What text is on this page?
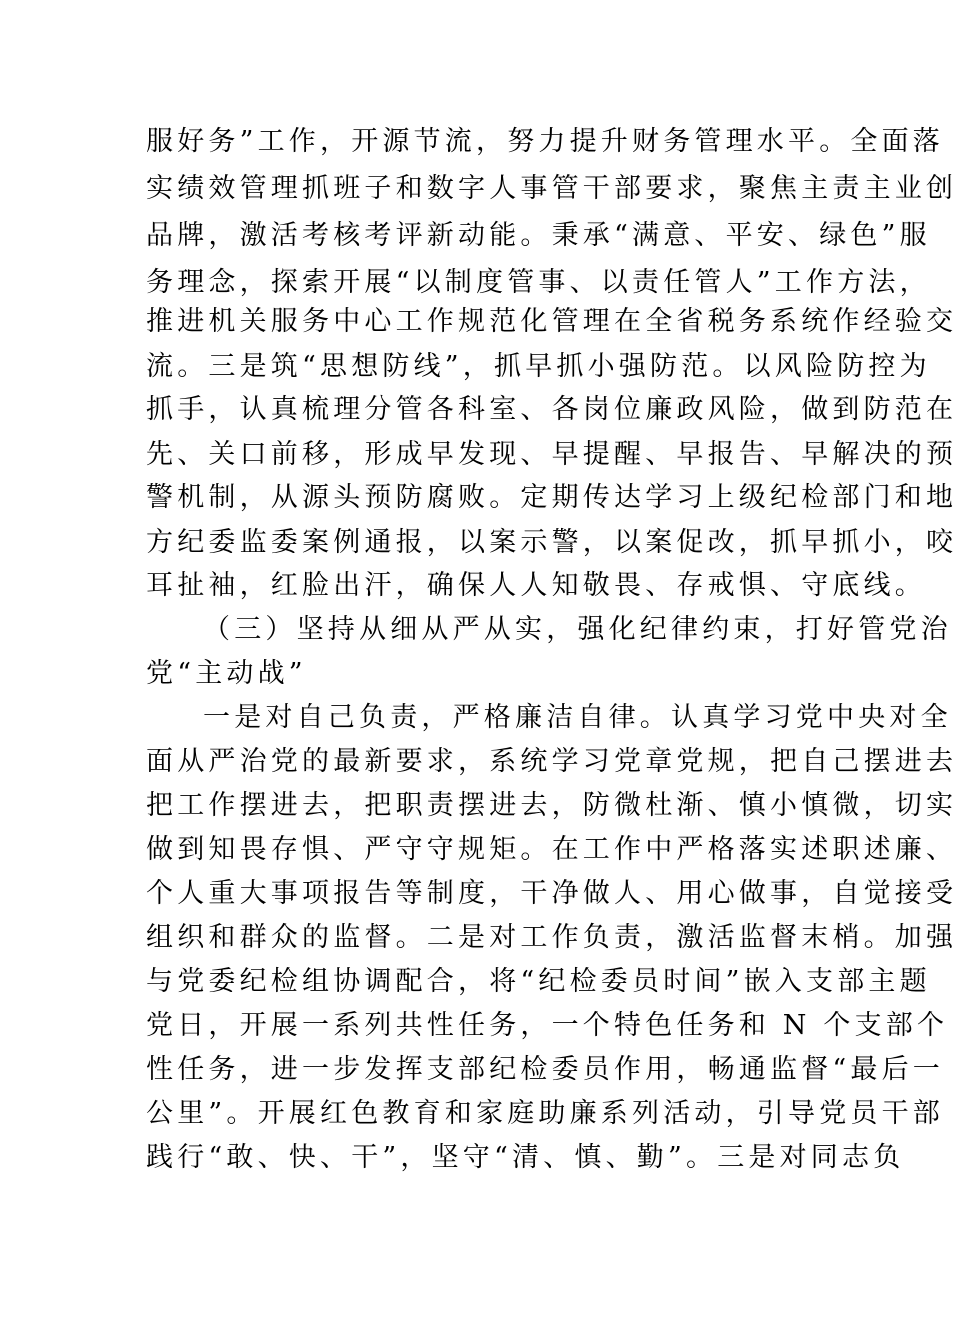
服好务”工作，开源节流，努力提升财务管理水平。全面落
实绩效管理抓班子和数字人事管干部要求，聚焦主责主业创
品牌，激活考核考评新动能。秉承“满意、平安、绿色”服
务理念，探索开展“以制度管事、以责任管人”工作方法，
推进机关服务中心工作规范化管理在全省税务系统作经验交
流。三是筑“思想防线”，抓早抓小强防范。以风险防控为
抓手，认真梳理分管各科室、各岗位廉政风险，做到防范在
先、关口前移，形成早发现、早提醒、早报告、早解决的预
警机制，从源头预防腐败。定期传达学习上级纪检部门和地
方纪委监委案例通报，以案示警，以案促改，抓早抓小，咬
耳扯袖，红脸出汗，确保人人知敬畏、存戒惧、守底线。
（三）坚持从细从严从实，强化纪律约束，打好管党治
党“主动战”
一是对自己负责，严格廉洁自律。认真学习党中央对全
面从严治党的最新要求，系统学习党章党规，把自己摆进去
把工作摆进去，把职责摆进去，防微杜渐、慎小慎微，切实
做到知畏存惧、严守守规矩。在工作中严格落实述职述廉、
个人重大事项报告等制度，干净做人、用心做事，自觉接受
组织和群众的监督。二是对工作负责，激活监督末梢。加强
与党委纪检组协调配合，将“纪检委员时间”嵌入支部主题
党日，开展一系列共性任务，一个特色任务和 N 个支部个
性任务，进一步发挥支部纪检委员作用，畅通监督“最后一
公里”。开展红色教育和家庭助廉系列活动，引导党员干部
践行“敢、快、干”，坚守“清、慎、勤”。三是对同志负
